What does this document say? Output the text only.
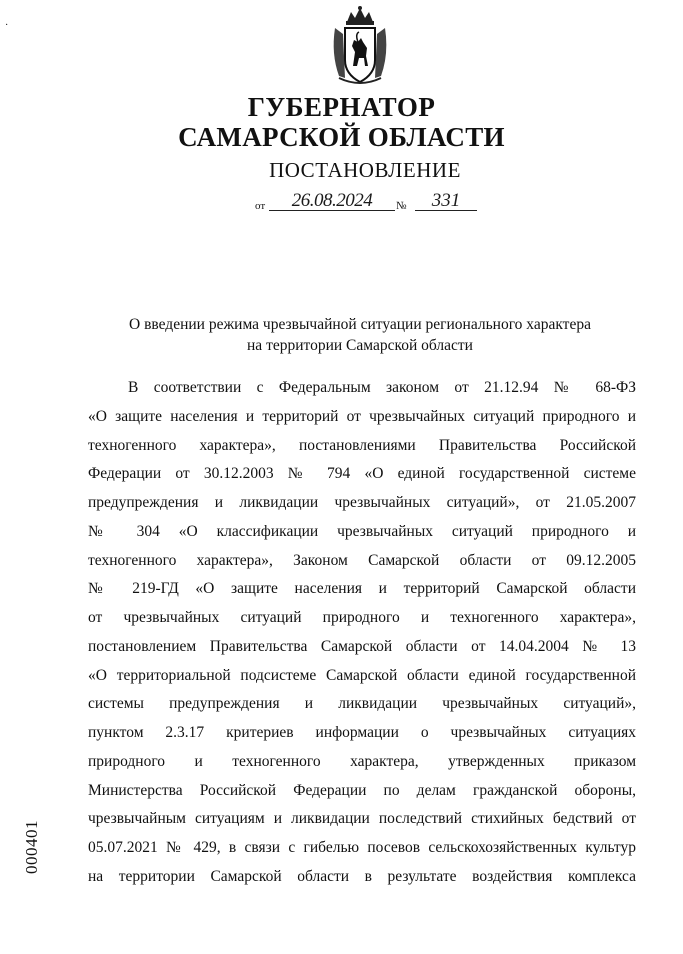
·
ГУБЕРНАТОР
САМАРСКОЙ ОБЛАСТИ
ПОСТАНОВЛЕНИЕ
от	26.08.2024	№	331
О введении режима чрезвычайной ситуации регионального характера
на территории Самарской области
В соответствии с Федеральным законом от 21.12.94 № 68-ФЗ
«О защите населения и территорий от чрезвычайных ситуаций природного и
техногенного характера», постановлениями Правительства Российской
Федерации от 30.12.2003 № 794 «О единой государственной системе
предупреждения и ликвидации чрезвычайных ситуаций», от 21.05.2007
№ 304 «О классификации чрезвычайных ситуаций природного и
техногенного характера», Законом Самарской области от 09.12.2005
№ 219-ГД «О защите населения и территорий Самарской области
от чрезвычайных ситуаций природного и техногенного характера»,
постановлением Правительства Самарской области от 14.04.2004 № 13
«О территориальной подсистеме Самарской области единой государственной
системы предупреждения и ликвидации чрезвычайных ситуаций»,
пунктом 2.3.17 критериев информации о чрезвычайных ситуациях
природного и техногенного характера, утвержденных приказом
Министерства Российской Федерации по делам гражданской обороны,
чрезвычайным ситуациям и ликвидации последствий стихийных бедствий от
05.07.2021 № 429, в связи с гибелью посевов сельскохозяйственных культур
на территории Самарской области в результате воздействия комплекса
000401
